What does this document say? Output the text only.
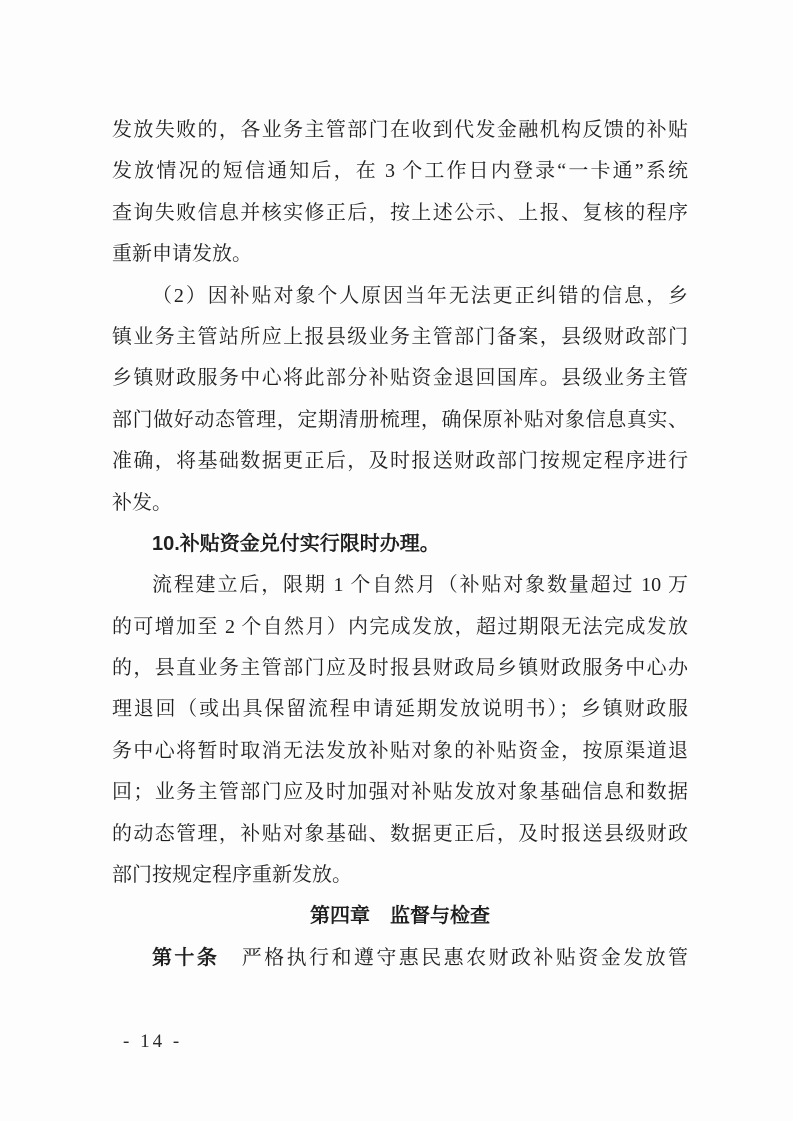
发放失败的，各业务主管部门在收到代发金融机构反馈的补贴
发放情况的短信通知后，在 3 个工作日内登录“一卡通”系统
查询失败信息并核实修正后，按上述公示、上报、复核的程序
重新申请发放。
（2）因补贴对象个人原因当年无法更正纠错的信息，乡
镇业务主管站所应上报县级业务主管部门备案，县级财政部门
乡镇财政服务中心将此部分补贴资金退回国库。县级业务主管
部门做好动态管理，定期清册梳理，确保原补贴对象信息真实、
准确，将基础数据更正后，及时报送财政部门按规定程序进行
补发。
10.补贴资金兑付实行限时办理。
流程建立后，限期 1 个自然月（补贴对象数量超过 10 万
的可增加至 2 个自然月）内完成发放，超过期限无法完成发放
的，县直业务主管部门应及时报县财政局乡镇财政服务中心办
理退回（或出具保留流程申请延期发放说明书）；乡镇财政服
务中心将暂时取消无法发放补贴对象的补贴资金，按原渠道退
回；业务主管部门应及时加强对补贴发放对象基础信息和数据
的动态管理，补贴对象基础、数据更正后，及时报送县级财政
部门按规定程序重新发放。
第四章　监督与检查
第十条　严格执行和遵守惠民惠农财政补贴资金发放管
- 14 -
